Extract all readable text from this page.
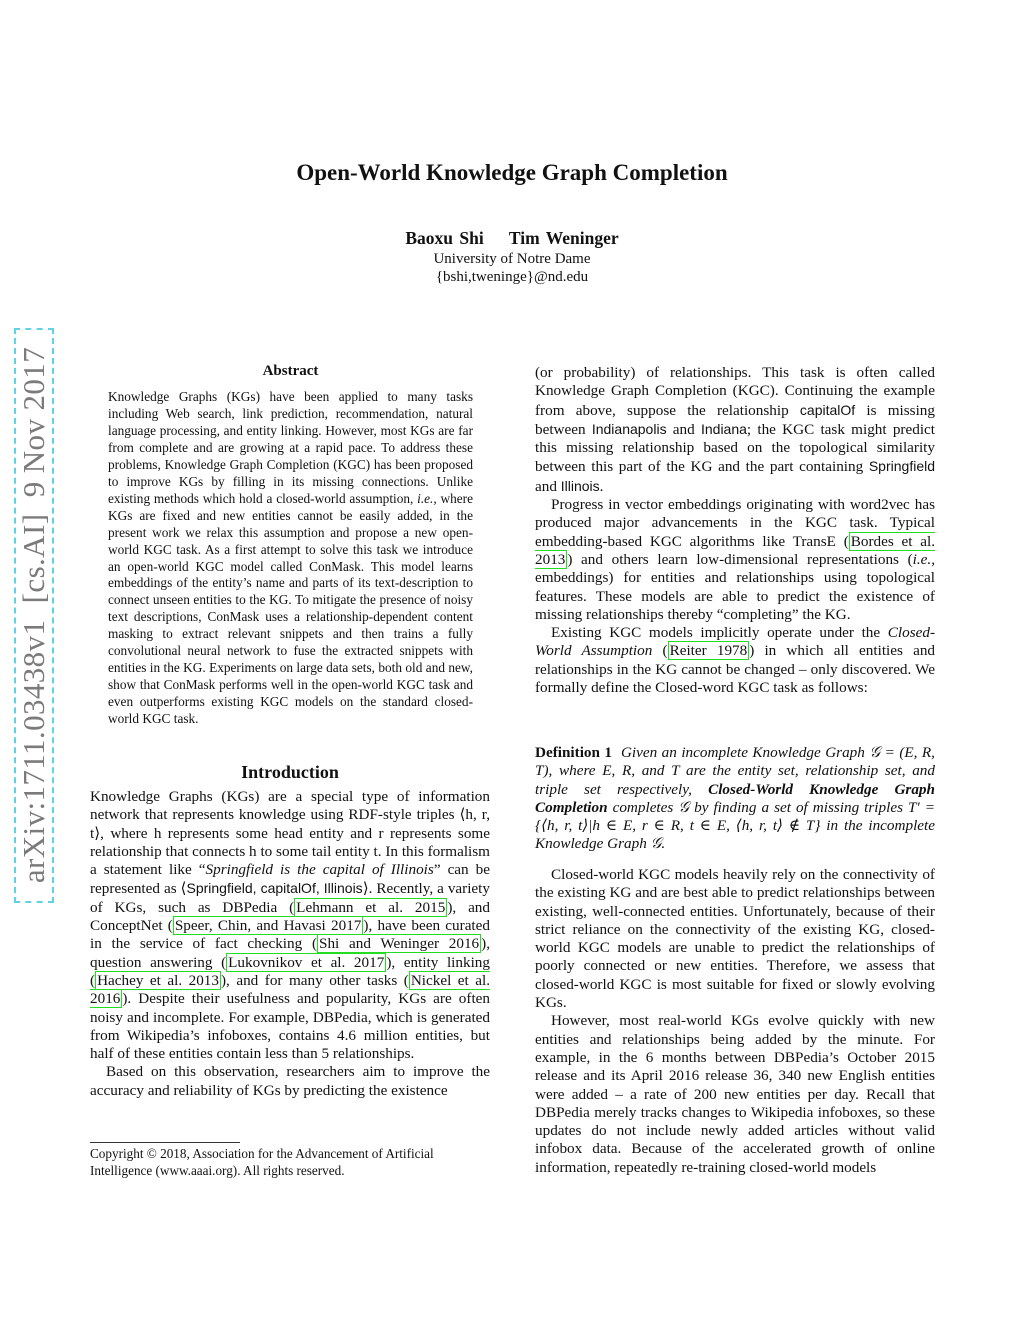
Open-World Knowledge Graph Completion
Baoxu Shi    Tim Weninger
University of Notre Dame
{bshi,tweninge}@nd.edu
arXiv:1711.03438v1  [cs.AI]  9 Nov 2017	Abstract
Knowledge Graphs (KGs) have been applied to many tasks including Web search, link prediction, recommendation, natural language processing, and entity linking. However, most KGs are far from complete and are growing at a rapid pace. To address these problems, Knowledge Graph Completion (KGC) has been proposed to improve KGs by filling in its missing connections. Unlike existing methods which hold a closed-world assumption, i.e., where KGs are fixed and new entities cannot be easily added, in the present work we relax this assumption and propose a new open-world KGC task. As a first attempt to solve this task we introduce an open-world KGC model called ConMask. This model learns embeddings of the entity’s name and parts of its text-description to connect unseen entities to the KG. To mitigate the presence of noisy text descriptions, ConMask uses a relationship-dependent content masking to extract relevant snippets and then trains a fully convolutional neural network to fuse the extracted snippets with entities in the KG. Experiments on large data sets, both old and new, show that ConMask performs well in the open-world KGC task and even outperforms existing KGC models on the standard closed-world KGC task.
Introduction

Knowledge Graphs (KGs) are a special type of information network that represents knowledge using RDF-style triples ⟨h, r, t⟩, where h represents some head entity and r represents some relationship that connects h to some tail entity t. In this formalism a statement like “Springfield is the capital of Illinois” can be represented as ⟨Springfield, capitalOf, Illinois⟩. Recently, a variety of KGs, such as DBPedia ( Lehmann et al. 2015 ), and ConceptNet ( Speer, Chin, and Havasi 2017 ), have been curated in the service of fact checking ( Shi and Weninger 2016 ), question answering ( Lukovnikov et al. 2017 ), entity linking ( Hachey et al. 2013 ), and for many other tasks ( Nickel et al. 2016 ). Despite their usefulness and popularity, KGs are often noisy and incomplete. For example, DBPedia, which is generated from Wikipedia’s infoboxes, contains 4.6 million entities, but half of these entities contain less than 5 relationships.

Based on this observation, researchers aim to improve the accuracy and reliability of KGs by predicting the existence

Copyright © 2018, Association for the Advancement of Artificial Intelligence (www.aaai.org). All rights reserved.

(or probability) of relationships. This task is often called Knowledge Graph Completion (KGC). Continuing the example from above, suppose the relationship capitalOf is missing between Indianapolis and Indiana; the KGC task might predict this missing relationship based on the topological similarity between this part of the KG and the part containing Springfield and Illinois.

Progress in vector embeddings originating with word2vec has produced major advancements in the KGC task. Typical embedding-based KGC algorithms like TransE ( Bordes et al. 2013 ) and others learn low-dimensional representations (i.e., embeddings) for entities and relationships using topological features. These models are able to predict the existence of missing relationships thereby “completing” the KG.

Existing KGC models implicitly operate under the Closed-World Assumption ( Reiter 1978 ) in which all entities and relationships in the KG cannot be changed – only discovered. We formally define the Closed-word KGC task as follows:

Definition 1 Given an incomplete Knowledge Graph 𝒢 = (E, R, T), where E, R, and T are the entity set, relationship set, and triple set respectively, Closed-World Knowledge Graph Completion completes 𝒢 by finding a set of missing triples T′ = {⟨h, r, t⟩|h ∈ E, r ∈ R, t ∈ E, ⟨h, r, t⟩ ∉ T} in the incomplete Knowledge Graph 𝒢.

Closed-world KGC models heavily rely on the connectivity of the existing KG and are best able to predict relationships between existing, well-connected entities. Unfortunately, because of their strict reliance on the connectivity of the existing KG, closed-world KGC models are unable to predict the relationships of poorly connected or new entities. Therefore, we assess that closed-world KGC is most suitable for fixed or slowly evolving KGs.

However, most real-world KGs evolve quickly with new entities and relationships being added by the minute. For example, in the 6 months between DBPedia’s October 2015 release and its April 2016 release 36, 340 new English entities were added – a rate of 200 new entities per day. Recall that DBPedia merely tracks changes to Wikipedia infoboxes, so these updates do not include newly added articles without valid infobox data. Because of the accelerated growth of online information, repeatedly re-training closed-world models
